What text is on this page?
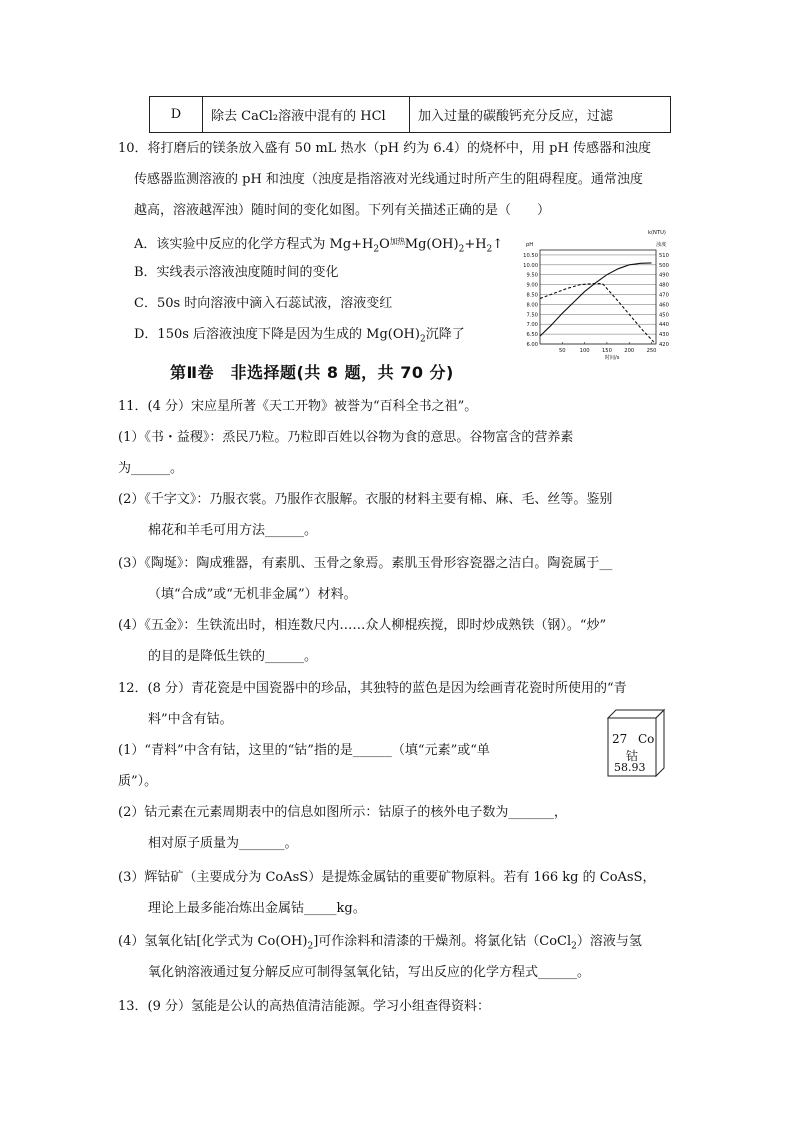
D	除去 CaCl₂溶液中混有的 HCl	加入过量的碳酸钙充分反应，过滤
10．将打磨后的镁条放入盛有 50 mL 热水（pH 约为 6.4）的烧杯中，用 pH 传感器和浊度
传感器监测溶液的 pH 和浊度（浊度是指溶液对光线通过时所产生的阻碍程度。通常浊度
越高，溶液越浑浊）随时间的变化如图。下列有关描述正确的是（　　）
A．该实验中反应的化学方程式为 $Mg+H_2O^{加热}Mg(OH)_2+H_2↑$
B．实线表示溶液浊度随时间的变化
C．50s 时向溶液中滴入石蕊试液，溶液变红
D．150s 后溶液浊度下降是因为生成的 $Mg(OH)_2$沉降了
6.00
6.50
7.00
7.50
8.00
8.50
9.00
9.50
10.00
10.50
420
430
440
450
460
470
480
490
500
510
50	100 150 200 250
时间/s
pH
k(NTU)
浊度
第Ⅱ卷　非选择题(共 8 题，共 70 分)
11．(4 分）宋应星所著《天工开物》被誉为“百科全书之祖”。
(1）《书・益稷》：烝民乃粒。乃粒即百姓以谷物为食的意思。谷物富含的营养素
为______。
(2）《千字文》：乃服衣裳。乃服作衣服解。衣服的材料主要有棉、麻、毛、丝等。鉴别
棉花和羊毛可用方法______。
(3）《陶埏》：陶成雅器，有素肌、玉骨之象焉。素肌玉骨形容瓷器之洁白。陶瓷属于__
（填“合成”或“无机非金属”）材料。
(4）《五金》：生铁流出时，相连数尺内……众人柳棍疾搅，即时炒成熟铁（钢）。“炒”
的目的是降低生铁的______。
12．(8 分）青花瓷是中国瓷器中的珍品，其独特的蓝色是因为绘画青花瓷时所使用的“青
料”中含有钴。
(1）“青料”中含有钴，这里的“钴”指的是______（填“元素”或“单
质”）。
(2）钴元素在元素周期表中的信息如图所示：钴原子的核外电子数为_______，
相对原子质量为_______。
(3）辉钴矿（主要成分为 CoAsS）是提炼金属钴的重要矿物原料。若有 166 kg 的 CoAsS，
理论上最多能冶炼出金属钴_____kg。
(4）氢氧化钴[化学式为 $Co(OH)_2$]可作涂料和清漆的干燥剂。将氯化钴（CoCl$_2$）溶液与氢
氧化钠溶液通过复分解反应可制得氢氧化钴，写出反应的化学方程式______。
27 Co
钴
58.93
13．(9 分）氢能是公认的高热值清洁能源。学习小组查得资料：
